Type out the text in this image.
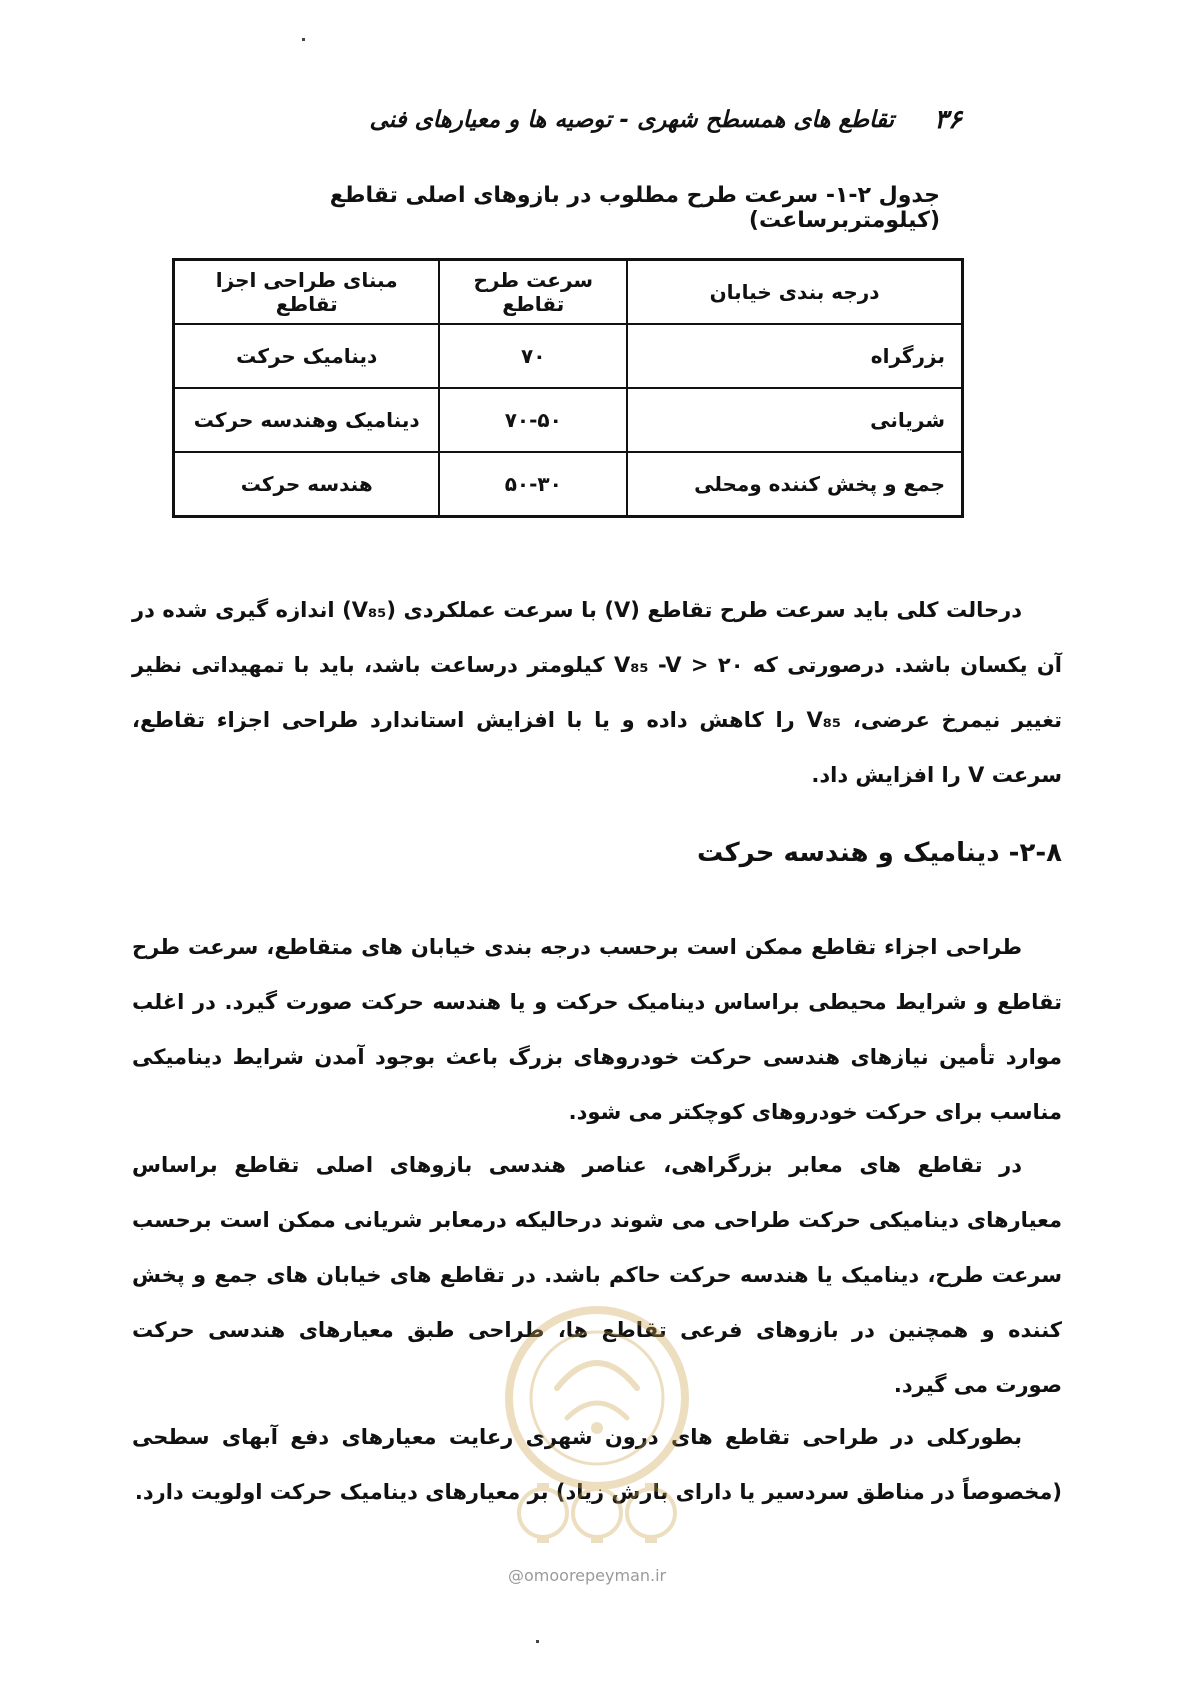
۳۶
تقاطع های همسطح شهری - توصیه ها و معیارهای فنی
جدول ۲-۱- سرعت طرح مطلوب در بازوهای اصلی تقاطع (کیلومتربرساعت)
درجه بندی خیابان	سرعت طرح تقاطع	مبنای طراحی اجزا تقاطع
بزرگراه	۷۰	دینامیک حرکت
شریانی	۷۰-۵۰	دینامیک وهندسه حرکت
جمع و پخش کننده ومحلی	۵۰-۳۰	هندسه حرکت

درحالت کلی باید سرعت طرح تقاطع (V) با سرعت عملکردی (V₈₅) اندازه گیری شده در آن یکسان باشد. درصورتی که ۲۰ < V₈₅ -V کیلومتر درساعت باشد، باید با تمهیداتی نظیر تغییر نیمرخ عرضی، V₈₅ را کاهش داده و یا با افزایش استاندارد طراحی اجزاء تقاطع، سرعت V را افزایش داد.

۲-۸- دینامیک و هندسه حرکت

طراحی اجزاء تقاطع ممکن است برحسب درجه بندی خیابان های متقاطع، سرعت طرح تقاطع و شرایط محیطی براساس دینامیک حرکت و یا هندسه حرکت صورت گیرد. در اغلب موارد تأمین نیازهای هندسی حرکت خودروهای بزرگ باعث بوجود آمدن شرایط دینامیکی مناسب برای حرکت خودروهای کوچکتر می شود.

در تقاطع های معابر بزرگراهی، عناصر هندسی بازوهای اصلی تقاطع براساس معیارهای دینامیکی حرکت طراحی می شوند درحالیکه درمعابر شریانی ممکن است برحسب سرعت طرح، دینامیک یا هندسه حرکت حاکم باشد. در تقاطع های خیابان های جمع و پخش کننده و همچنین در بازوهای فرعی تقاطع ها، طراحی طبق معیارهای هندسی حرکت صورت می گیرد.

بطورکلی در طراحی تقاطع های درون شهری رعایت معیارهای دفع آبهای سطحی (مخصوصاً در مناطق سردسیر یا دارای بارش زیاد) بر معیارهای دینامیک حرکت اولویت دارد.

@omoorepeyman.ir
